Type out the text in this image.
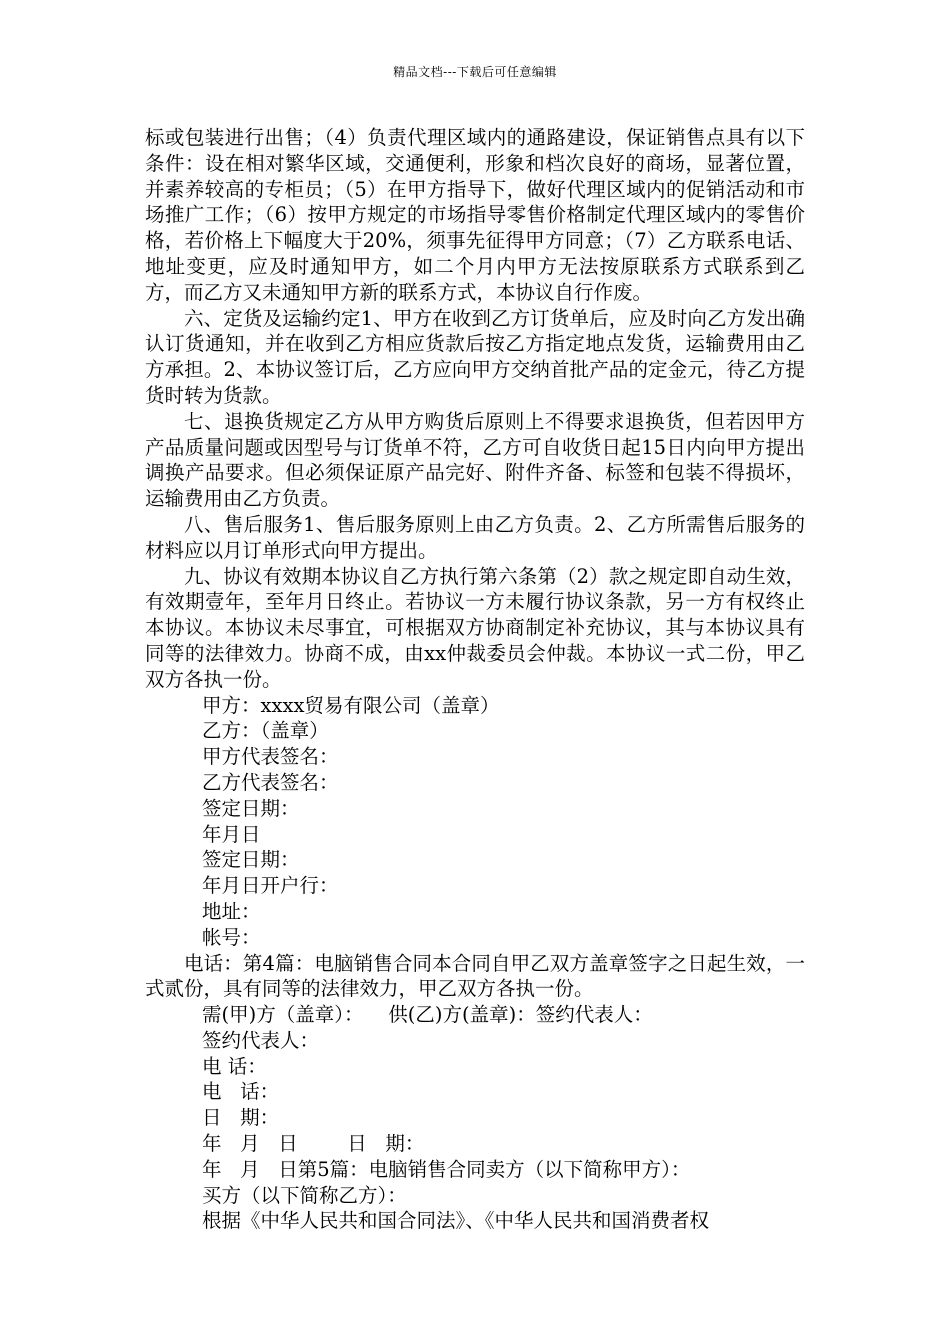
精品文档---下载后可任意编辑

标或包装进行出售；（4）负责代理区域内的通路建设，保证销售点具有以下条件：设在相对繁华区域，交通便利，形象和档次良好的商场，显著位置，并素养较高的专柜员；（5）在甲方指导下，做好代理区域内的促销活动和市场推广工作；（6）按甲方规定的市场指导零售价格制定代理区域内的零售价格，若价格上下幅度大于20%，须事先征得甲方同意；（7）乙方联系电话、地址变更，应及时通知甲方，如二个月内甲方无法按原联系方式联系到乙方，而乙方又未通知甲方新的联系方式，本协议自行作废。

六、定货及运输约定1、甲方在收到乙方订货单后，应及时向乙方发出确认订货通知，并在收到乙方相应货款后按乙方指定地点发货，运输费用由乙方承担。2、本协议签订后，乙方应向甲方交纳首批产品的定金元，待乙方提货时转为货款。

七、退换货规定乙方从甲方购货后原则上不得要求退换货，但若因甲方产品质量问题或因型号与订货单不符，乙方可自收货日起15日内向甲方提出调换产品要求。但必须保证原产品完好、附件齐备、标签和包装不得损坏，运输费用由乙方负责。

八、售后服务1、售后服务原则上由乙方负责。2、乙方所需售后服务的材料应以月订单形式向甲方提出。

九、协议有效期本协议自乙方执行第六条第（2）款之规定即自动生效，有效期壹年，至年月日终止。若协议一方未履行协议条款，另一方有权终止本协议。本协议未尽事宜，可根据双方协商制定补充协议，其与本协议具有同等的法律效力。协商不成，由xx仲裁委员会仲裁。本协议一式二份，甲乙双方各执一份。

甲方：xxxx贸易有限公司（盖章）

乙方：（盖章）

甲方代表签名：

乙方代表签名：

签定日期：

年月日

签定日期：

年月日开户行：

地址：

帐号：

电话：第4篇：电脑销售合同本合同自甲乙双方盖章签字之日起生效，一式贰份，具有同等的法律效力，甲乙双方各执一份。

需(甲)方（盖章）：    供(乙)方(盖章)：签约代表人：

签约代表人：

电 话：

电   话：

日   期：

年   月   日        日   期：

年   月   日第5篇：电脑销售合同卖方（以下简称甲方）：

买方（以下简称乙方）：

根据《中华人民共和国合同法》、《中华人民共和国消费者权
